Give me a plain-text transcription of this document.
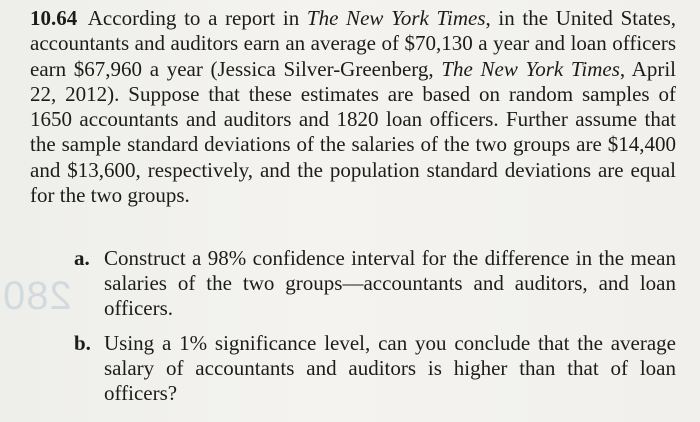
280
10.64 According to a report in The New York Times, in the United States, accountants and auditors earn an average of $70,130 a year and loan officers earn $67,960 a year (Jessica Silver-Greenberg, The New York Times, April 22, 2012). Suppose that these estimates are based on random samples of 1650 accountants and auditors and 1820 loan officers. Further assume that the sample standard deviations of the salaries of the two groups are $14,400 and $13,600, respectively, and the population standard deviations are equal for the two groups.
a. Construct a 98% confidence interval for the difference in the mean salaries of the two groups—accountants and auditors, and loan officers.
b. Using a 1% significance level, can you conclude that the average salary of accountants and auditors is higher than that of loan officers?
